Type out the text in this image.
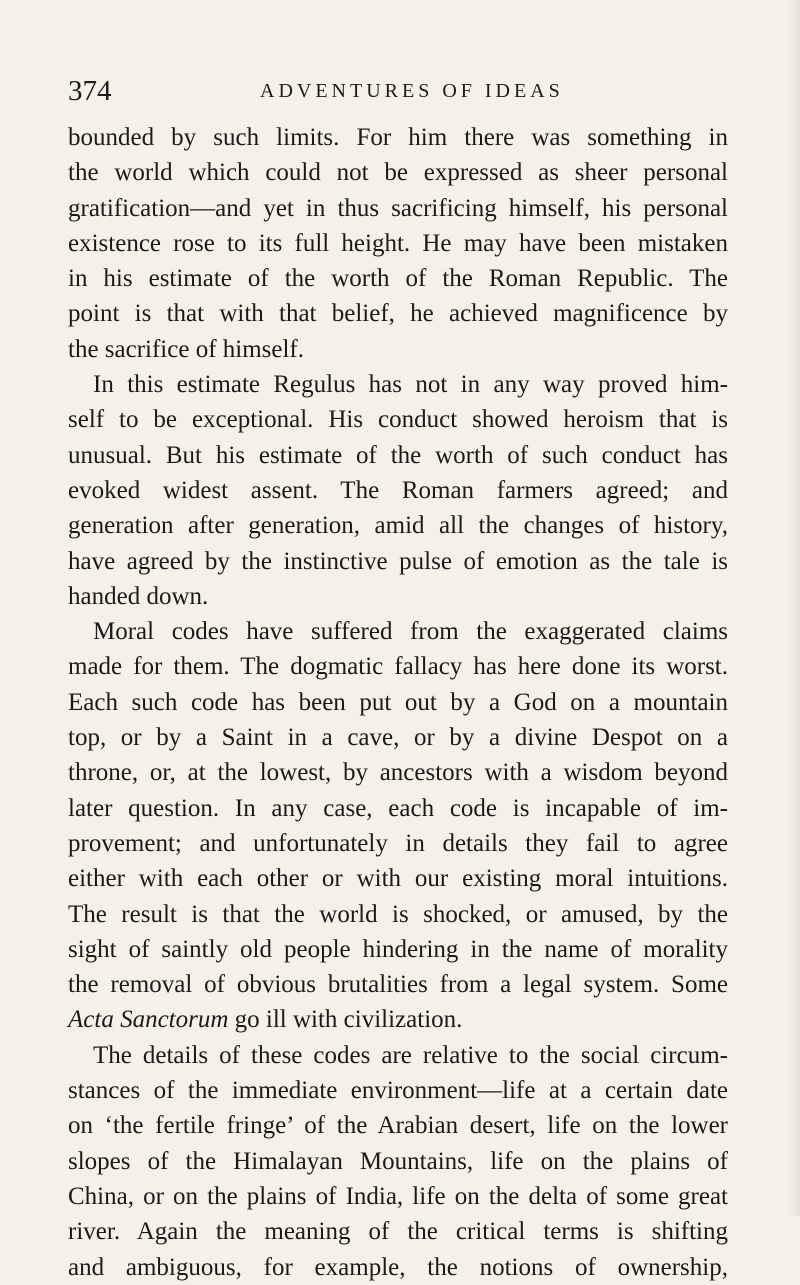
374	ADVENTURES OF IDEAS
bounded by such limits. For him there was something in
the world which could not be expressed as sheer personal
gratification—and yet in thus sacrificing himself, his personal
existence rose to its full height. He may have been mistaken
in his estimate of the worth of the Roman Republic. The
point is that with that belief, he achieved magnificence by
the sacrifice of himself.
In this estimate Regulus has not in any way proved him-
self to be exceptional. His conduct showed heroism that is
unusual. But his estimate of the worth of such conduct has
evoked widest assent. The Roman farmers agreed; and
generation after generation, amid all the changes of history,
have agreed by the instinctive pulse of emotion as the tale is
handed down.
Moral codes have suffered from the exaggerated claims
made for them. The dogmatic fallacy has here done its worst.
Each such code has been put out by a God on a mountain
top, or by a Saint in a cave, or by a divine Despot on a
throne, or, at the lowest, by ancestors with a wisdom beyond
later question. In any case, each code is incapable of im-
provement; and unfortunately in details they fail to agree
either with each other or with our existing moral intuitions.
The result is that the world is shocked, or amused, by the
sight of saintly old people hindering in the name of morality
the removal of obvious brutalities from a legal system. Some
Acta Sanctorum go ill with civilization.
The details of these codes are relative to the social circum-
stances of the immediate environment—life at a certain date
on ‘the fertile fringe’ of the Arabian desert, life on the lower
slopes of the Himalayan Mountains, life on the plains of
China, or on the plains of India, life on the delta of some great
river. Again the meaning of the critical terms is shifting
and ambiguous, for example, the notions of ownership,
